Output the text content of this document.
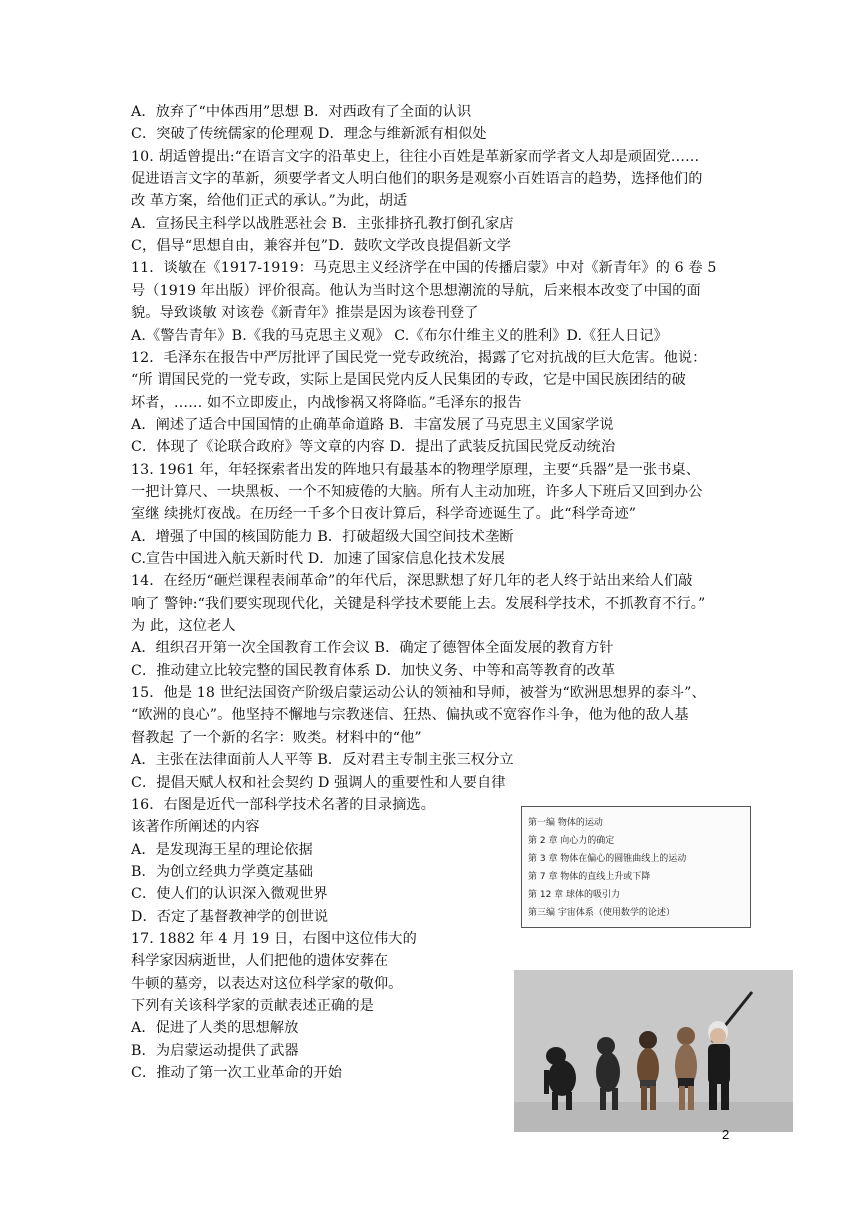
A．放弃了“中体西用”思想 B．对西政有了全面的认识
C．突破了传统儒家的伦理观 D．理念与维新派有相似处
10. 胡适曾提出:“在语言文字的沿革史上，往往小百姓是革新家而学者文人却是顽固党……
促进语言文字的革新，须要学者文人明白他们的职务是观察小百姓语言的趋势，选择他们的
改 革方案，给他们正式的承认。”为此，胡适
A．宣扬民主科学以战胜恶社会 B．主张排挤孔教打倒孔家店
C，倡导“思想自由，兼容并包”D．鼓吹文学改良提倡新文学
11．谈敏在《1917-1919：马克思主义经济学在中国的传播启蒙》中对《新青年》的 6 卷 5
号（1919 年出版）评价很高。他认为当时这个思想潮流的导航，后来根本改变了中国的面
貌。导致谈敏 对该卷《新青年》推崇是因为该卷刊登了
A.《警告青年》B.《我的马克思主义观》 C.《布尔什维主义的胜利》D.《狂人日记》
12．毛泽东在报告中严厉批评了国民党一党专政统治，揭露了它对抗战的巨大危害。他说：
“所 谓国民党的一党专政，实际上是国民党内反人民集团的专政，它是中国民族团结的破
坏者，…… 如不立即废止，内战惨祸又将降临。”毛泽东的报告
A．阐述了适合中国国情的止确革命道路 B．丰富发展了马克思主义国家学说
C．体现了《论联合政府》等文章的内容 D．提出了武装反抗国民党反动统治
13. 1961 年，年轻探索者出发的阵地只有最基本的物理学原理，主要“兵器”是一张书桌、
一把计算尺、一块黑板、一个不知疲倦的大脑。所有人主动加班，许多人下班后又回到办公
室继 续挑灯夜战。在历经一千多个日夜计算后，科学奇迹诞生了。此“科学奇迹”
A．增强了中国的核国防能力 B．打破超级大国空间技术垄断
C.宣告中国进入航天新时代 D．加速了国家信息化技术发展
14．在经历“砸烂课程表闹革命”的年代后，深思默想了好几年的老人终于站出来给人们敲
响了 警钟:“我们要实现现代化，关键是科学技术要能上去。发展科学技术，不抓教育不行。”
为 此，这位老人
A．组织召开第一次全国教育工作会议 B．确定了德智体全面发展的教育方针
C．推动建立比较完整的国民教育体系 D．加快义务、中等和高等教育的改革
15．他是 18 世纪法国资产阶级启蒙运动公认的领袖和导师，被誉为“欧洲思想界的泰斗”、
“欧洲的良心”。他坚持不懈地与宗教迷信、狂热、偏执或不宽容作斗争，他为他的敌人基
督教起 了一个新的名字：败类。材料中的“他”
A．主张在法律面前人人平等 B．反对君主专制主张三权分立
C．提倡天赋人权和社会契约 D 强调人的重要性和人要自律
16．右图是近代一部科学技术名著的目录摘选。
该著作所阐述的内容
A．是发现海王星的理论依据
B．为创立经典力学奠定基础
C．使人们的认识深入微观世界
D．否定了基督教神学的创世说
17. 1882 年 4 月 19 日，右图中这位伟大的
科学家因病逝世，人们把他的遗体安葬在
牛顿的墓旁，以表达对这位科学家的敬仰。
下列有关该科学家的贡献表述正确的是
A．促进了人类的思想解放
B．为启蒙运动提供了武器
C．推动了第一次工业革命的开始
第一编 物体的运动
第 2 章 向心力的确定
第 3 章 物体在偏心的圆锥曲线上的运动
第 7 章 物体的直线上升或下降
第 12 章 球体的吸引力
第三编 宇宙体系（使用数学的论述）
2
